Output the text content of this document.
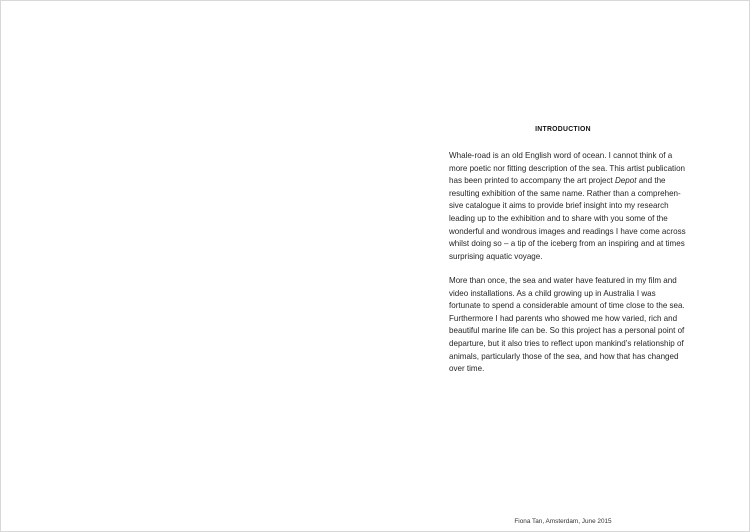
INTRODUCTION

Whale-road is an old English word of ocean. I cannot think of a
more poetic nor fitting description of the sea. This artist publication
has been printed to accompany the art project Depot and the
resulting exhibition of the same name. Rather than a comprehen-
sive catalogue it aims to provide brief insight into my research
leading up to the exhibition and to share with you some of the
wonderful and wondrous images and readings I have come across
whilst doing so – a tip of the iceberg from an inspiring and at times
surprising aquatic voyage.

More than once, the sea and water have featured in my film and
video installations. As a child growing up in Australia I was
fortunate to spend a considerable amount of time close to the sea.
Furthermore I had parents who showed me how varied, rich and
beautiful marine life can be. So this project has a personal point of
departure, but it also tries to reflect upon mankind’s relationship of
animals, particularly those of the sea, and how that has changed
over time.

Fiona Tan, Amsterdam, June 2015
